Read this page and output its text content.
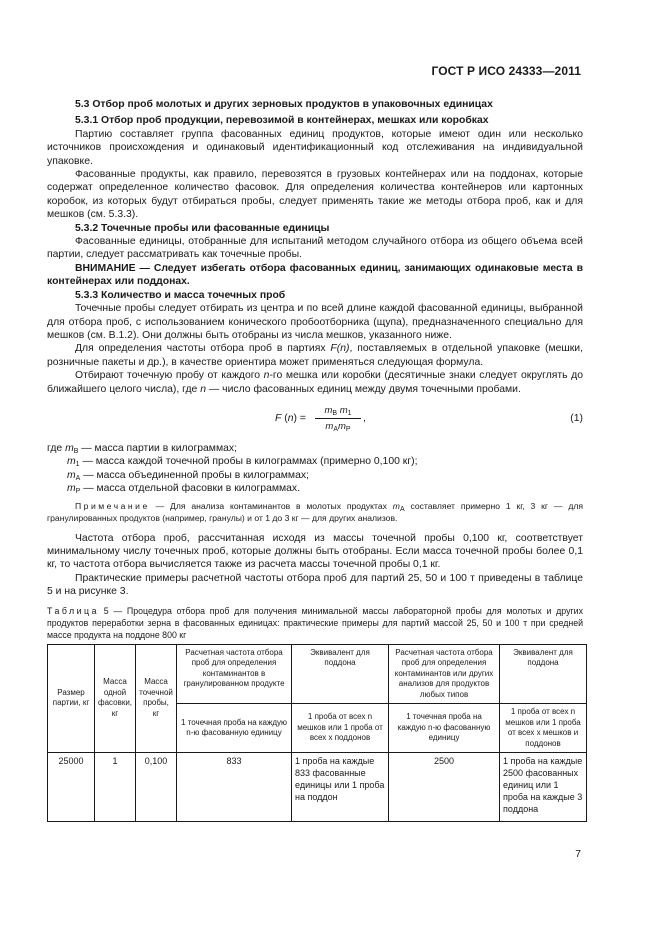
ГОСТ Р ИСО 24333—2011

5.3 Отбор проб молотых и других зерновых продуктов в упаковочных единицах

5.3.1 Отбор проб продукции, перевозимой в контейнерах, мешках или коробках

Партию составляет группа фасованных единиц продуктов, которые имеют один или несколько источников происхождения и одинаковый идентификационный код отслеживания на индивидуальной упаковке.

Фасованные продукты, как правило, перевозятся в грузовых контейнерах или на поддонах, которые содержат определенное количество фасовок. Для определения количества контейнеров или картонных коробок, из которых будут отбираться пробы, следует применять такие же методы отбора проб, как и для мешков (см. 5.3.3).

5.3.2 Точечные пробы или фасованные единицы

Фасованные единицы, отобранные для испытаний методом случайного отбора из общего объема всей партии, следует рассматривать как точечные пробы.

ВНИМАНИЕ — Следует избегать отбора фасованных единиц, занимающих одинаковые места в контейнерах или поддонах.

5.3.3 Количество и масса точечных проб

Точечные пробы следует отбирать из центра и по всей длине каждой фасованной единицы, выбранной для отбора проб, с использованием конического пробоотборника (щупа), предназначенного специально для мешков (см. В.1.2). Они должны быть отобраны из числа мешков, указанного ниже.

Для определения частоты отбора проб в партиях F(n), поставляемых в отдельной упаковке (мешки, розничные пакеты и др.), в качестве ориентира может применяться следующая формула.

Отбирают точечную пробу от каждого n-го мешка или коробки (десятичные знаки следует округлять до ближайшего целого числа), где n — число фасованных единиц между двумя точечными пробами.

F (n) =
$m_B$ $m_1$
$m_Am_P$
,	(1)

где $m_B$ — масса партии в килограммах;

$m_1$ — масса каждой точечной пробы в килограммах (примерно 0,100 кг);

$m_A$ — масса объединенной пробы в килограммах;

$m_P$ — масса отдельной фасовки в килограммах.

Примечание — Для анализа контаминантов в молотых продуктах $m_A$ составляет примерно 1 кг, 3 кг — для гранулированных продуктов (например, гранулы) и от 1 до 3 кг — для других анализов.

Частота отбора проб, рассчитанная исходя из массы точечной пробы 0,100 кг, соответствует минимальному числу точечных проб, которые должны быть отобраны. Если масса точечной пробы более 0,1 кг, то частота отбора вычисляется также из расчета массы точечной пробы 0,1 кг.

Практические примеры расчетной частоты отбора проб для партий 25, 50 и 100 т приведены в таблице 5 и на рисунке 3.

Таблица 5 — Процедура отбора проб для получения минимальной массы лабораторной пробы для молотых и других продуктов переработки зерна в фасованных единицах: практические примеры для партий массой 25, 50 и 100 т при средней массе продукта на поддоне 800 кг

Размер партии, кг	Масса одной фасовки, кг	Масса точечной пробы, кг	Расчетная частота отбора проб для определения контаминантов в гранулированном продукте	Эквивалент для поддона	Расчетная частота отбора проб для определения контаминантов или других анализов для продуктов любых типов	Эквивалент для поддона
			1 точечная проба на каждую n-ю фасованную единицу	1 проба от всех n мешков или 1 проба от всех x поддонов	1 точечная проба на каждую n-ю фасованную единицу	1 проба от всех n мешков или 1 проба от всех x мешков и поддонов
25000	1	0,100	833	1 проба на каждые 833 фасованные единицы или 1 проба на поддон	2500	1 проба на каждые 2500 фасованных единиц или 1 проба на каждые 3 поддона
7
